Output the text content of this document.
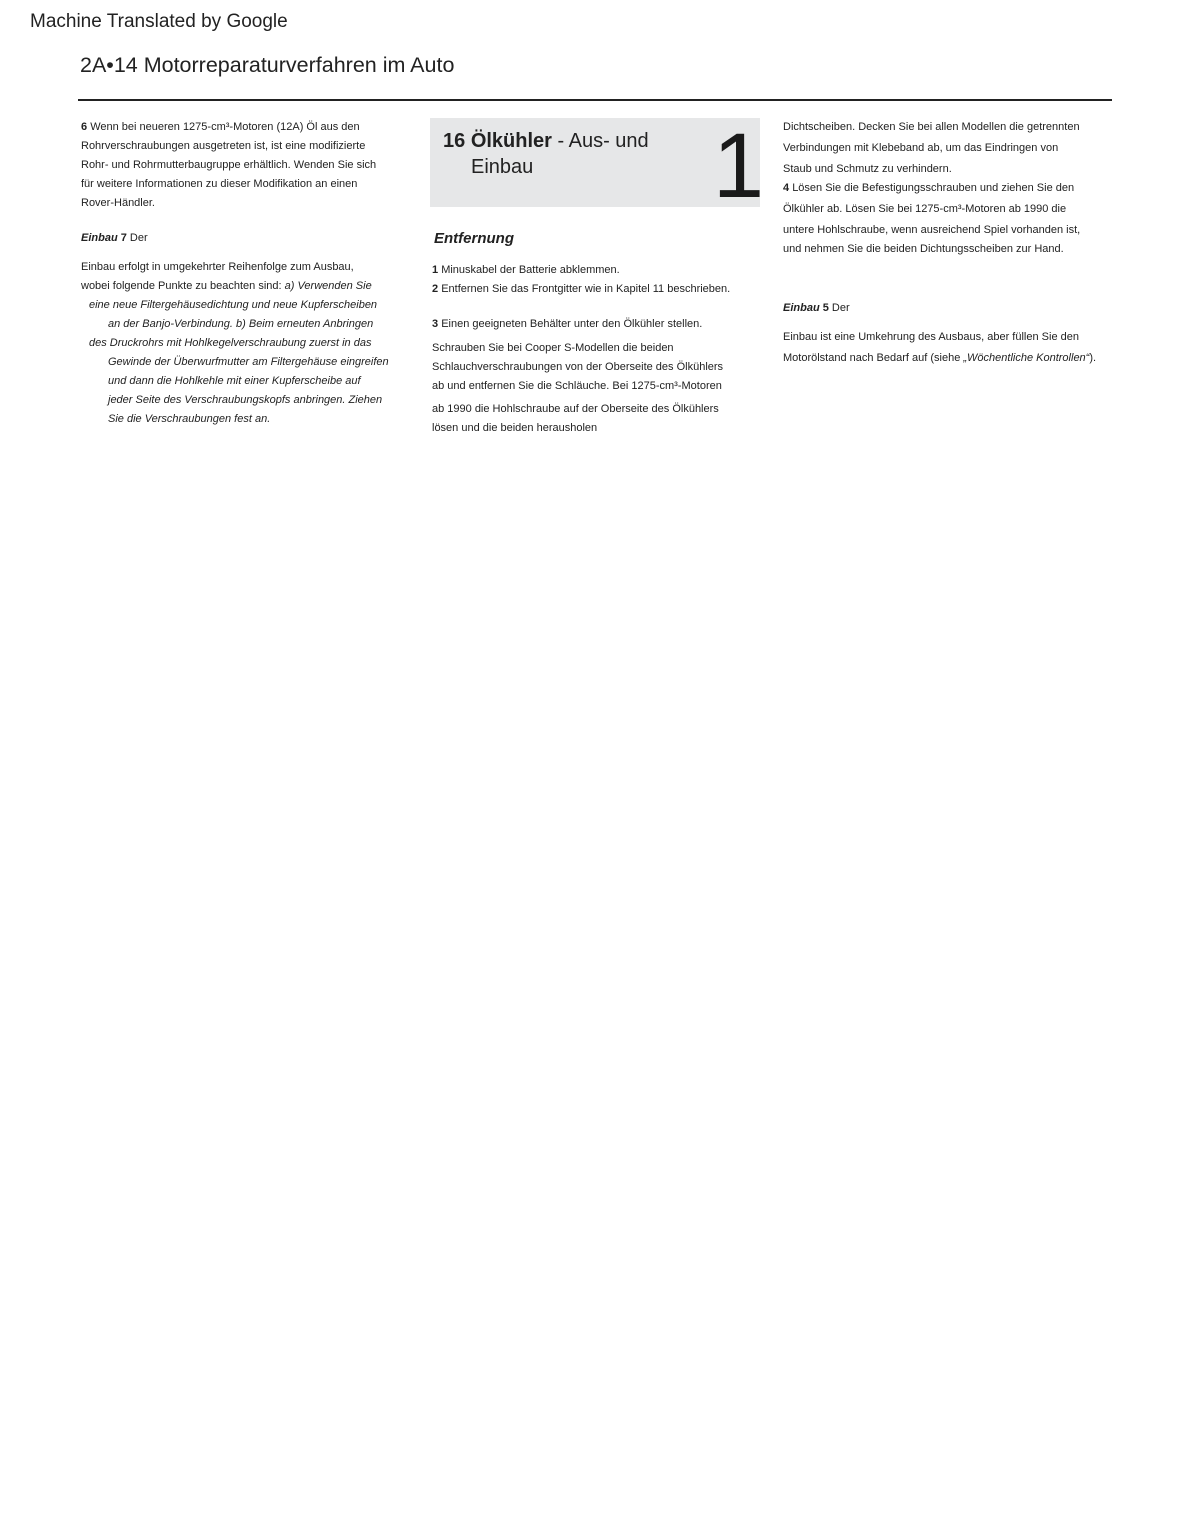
Machine Translated by Google
2A•14 Motorreparaturverfahren im Auto

6 Wenn bei neueren 1275-cm³-Motoren (12A) Öl aus den

Rohrverschraubungen ausgetreten ist, ist eine modifizierte

Rohr- und Rohrmutterbaugruppe erhältlich. Wenden Sie sich

für weitere Informationen zu dieser Modifikation an einen

Rover-Händler.

Einbau 7 Der

Einbau erfolgt in umgekehrter Reihenfolge zum Ausbau,

wobei folgende Punkte zu beachten sind: a) Verwenden Sie

eine neue Filtergehäusedichtung und neue Kupferscheiben

an der Banjo-Verbindung. b) Beim erneuten Anbringen

des Druckrohrs mit Hohlkegelverschraubung zuerst in das

Gewinde der Überwurfmutter am Filtergehäuse eingreifen

und dann die Hohlkehle mit einer Kupferscheibe auf

jeder Seite des Verschraubungskopfs anbringen. Ziehen

Sie die Verschraubungen fest an.

16 Ölkühler - Aus- und
Einbau	1

Entfernung

1 Minuskabel der Batterie abklemmen.

2 Entfernen Sie das Frontgitter wie in Kapitel 11 beschrieben.

3 Einen geeigneten Behälter unter den Ölkühler stellen.

Schrauben Sie bei Cooper S-Modellen die beiden

Schlauchverschraubungen von der Oberseite des Ölkühlers

ab und entfernen Sie die Schläuche. Bei 1275-cm³-Motoren

ab 1990 die Hohlschraube auf der Oberseite des Ölkühlers

lösen und die beiden herausholen

Dichtscheiben. Decken Sie bei allen Modellen die getrennten

Verbindungen mit Klebeband ab, um das Eindringen von

Staub und Schmutz zu verhindern.

4 Lösen Sie die Befestigungsschrauben und ziehen Sie den

Ölkühler ab. Lösen Sie bei 1275-cm³-Motoren ab 1990 die

untere Hohlschraube, wenn ausreichend Spiel vorhanden ist,

und nehmen Sie die beiden Dichtungsscheiben zur Hand.

Einbau 5 Der

Einbau ist eine Umkehrung des Ausbaus, aber füllen Sie den

Motorölstand nach Bedarf auf (siehe „Wöchentliche Kontrollen“).
